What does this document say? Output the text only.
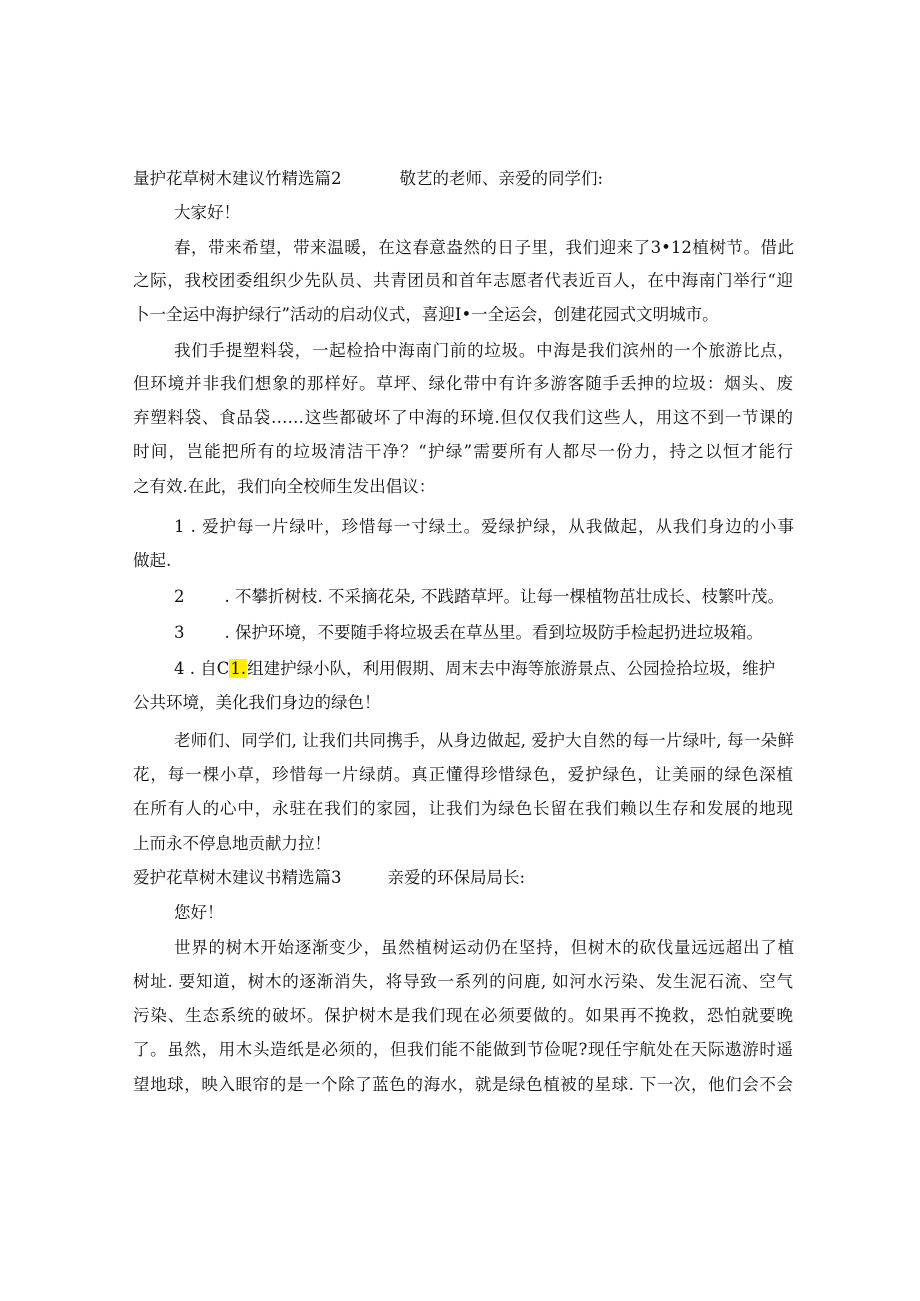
量护花草树木建议竹精选篇2	敬艺的老师、亲爱的同学们:
大家好！
春，带来希望，带来温暖，在这春意盎然的日子里，我们迎来了3•12植树节。借此
之际，我校团委组织少先队员、共青团员和首年志愿者代表近百人，在中海南门举行“迎
卜一全运中海护绿行”活动的启动仪式，喜迎I•一全运会，创建花园式文明城市。
我们手提塑料袋，一起检拾中海南门前的垃圾。中海是我们滨州的一个旅游比点，
但环境并非我们想象的那样好。草坪、绿化带中有许多游客随手丢抻的垃圾：烟头、废
弃塑料袋、食品袋……这些都破坏了中海的环境.但仅仅我们这些人，用这不到一节课的
时间，岂能把所有的垃圾清洁干净？“护绿”需要所有人都尽一份力，持之以恒才能行
之有效.在此，我们向全校师生发出倡议：
1 . 爱护每一片绿叶，珍惜每一寸绿土。爱绿护绿，从我做起，从我们身边的小事
做起.
2 . 不攀折树枝. 不采摘花朵, 不践踏草坪。让每一棵植物茁壮成长、枝繁叶茂。
3 . 保护环境，不要随手将垃圾丢在草丛里。看到垃圾防手检起扔进垃圾箱。
4 . 自C1.组建护绿小队，利用假期、周末去中海等旅游景点、公园捡拾垃圾，维护
公共环境，美化我们身边的绿色！
老师们、同学们, 让我们共同携手，从身边做起, 爱护大自然的每一片绿叶, 每一朵鲜
花，每一棵小草，珍惜每一片绿荫。真正懂得珍惜绿色，爱护绿色，让美丽的绿色深植
在所有人的心中，永驻在我们的家园，让我们为绿色长留在我们赖以生存和发展的地现
上而永不停息地贡献力拉！
爱护花草树木建议书精选篇3	亲爱的环保局局长:
您好！
世界的树木开始逐渐变少，虽然植树运动仍在坚持，但树木的砍伐量远远超出了植
树址. 要知道，树木的逐渐消失，将导致一系列的问鹿, 如河水污染、发生泥石流、空气
污染、生态系统的破坏。保护树木是我们现在必须要做的。如果再不挽救，恐怕就要晚
了。虽然，用木头造纸是必须的，但我们能不能做到节俭呢?现任宇航处在天际遨游时遥
望地球，映入眼帘的是一个除了蓝色的海水，就是绿色植被的星球. 下一次，他们会不会
